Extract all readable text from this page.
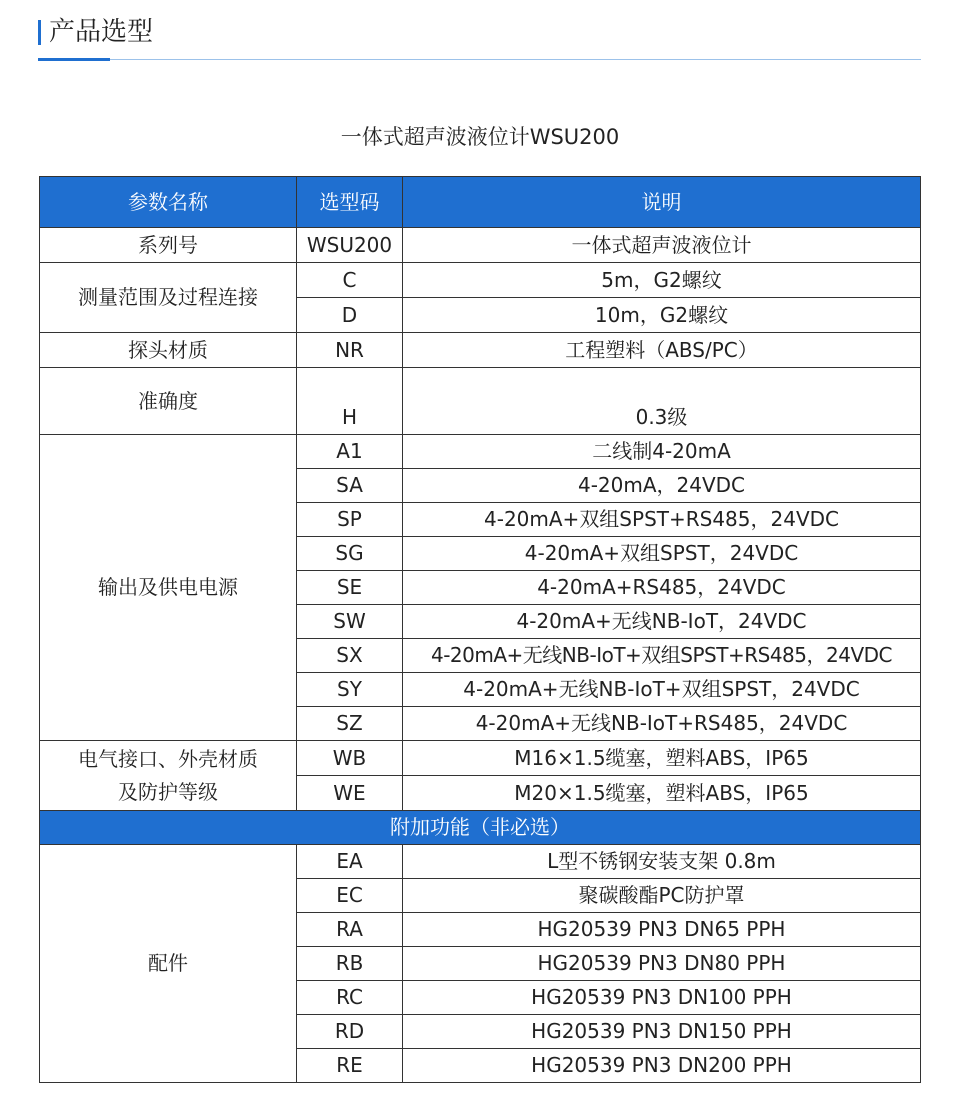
产品选型
一体式超声波液位计WSU200
参数名称	选型码	说明
系列号	WSU200	一体式超声波液位计
测量范围及过程连接	C	5m，G2螺纹
	D	10m，G2螺纹
探头材质	NR	工程塑料（ABS/PC）
准确度	H	0.3级
输出及供电电源	A1	二线制4-20mA
	SA	4-20mA，24VDC
	SP	4-20mA+双组SPST+RS485，24VDC
	SG	4-20mA+双组SPST，24VDC
	SE	4-20mA+RS485，24VDC
	SW	4-20mA+无线NB-IoT，24VDC
	SX	4-20mA+无线NB-IoT+双组SPST+RS485，24VDC
	SY	4-20mA+无线NB-IoT+双组SPST，24VDC
	SZ	4-20mA+无线NB-IoT+RS485，24VDC

电气接口、外壳材质
及防护等级	WB	M16×1.5缆塞，塑料ABS，IP65
	WE	M20×1.5缆塞，塑料ABS，IP65
附加功能（非必选）		
配件	EA	L型不锈钢安装支架 0.8m
	EC	聚碳酸酯PC防护罩
	RA	HG20539 PN3 DN65 PPH
	RB	HG20539 PN3 DN80 PPH
	RC	HG20539 PN3 DN100 PPH
	RD	HG20539 PN3 DN150 PPH
	RE	HG20539 PN3 DN200 PPH
